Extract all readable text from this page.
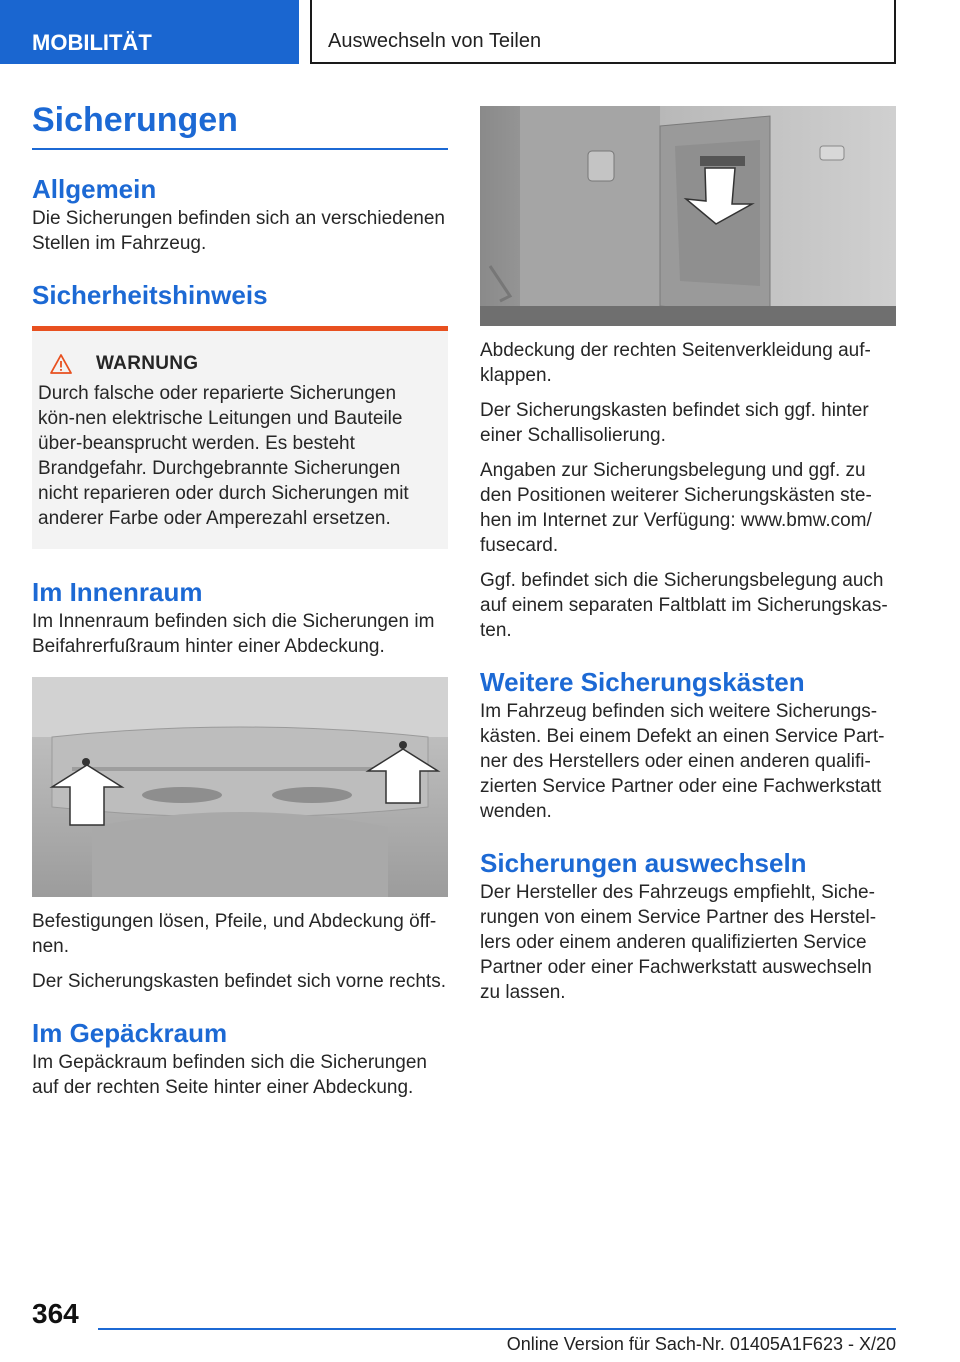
MOBILITÄT	Auswechseln von Teilen
Sicherungen
Allgemein

Die Sicherungen befinden sich an verschiedenen Stellen im Fahrzeug.

Sicherheitshinweis
WARNUNG

Durch falsche oder reparierte Sicherungen kön-nen elektrische Leitungen und Bauteile über-beansprucht werden. Es besteht Brandgefahr. Durchgebrannte Sicherungen nicht reparieren oder durch Sicherungen mit anderer Farbe oder Amperezahl ersetzen.

Im Innenraum

Im Innenraum befinden sich die Sicherungen im Beifahrerfußraum hinter einer Abdeckung.

Befestigungen lösen, Pfeile, und Abdeckung öff-nen.

Der Sicherungskasten befindet sich vorne rechts.

Im Gepäckraum

Im Gepäckraum befinden sich die Sicherungen auf der rechten Seite hinter einer Abdeckung.

Abdeckung der rechten Seitenverkleidung auf-klappen.

Der Sicherungskasten befindet sich ggf. hinter einer Schallisolierung.

Angaben zur Sicherungsbelegung und ggf. zu den Positionen weiterer Sicherungskästen ste-hen im Internet zur Verfügung: www.bmw.com/ fusecard.

Ggf. befindet sich die Sicherungsbelegung auch auf einem separaten Faltblatt im Sicherungskas-ten.

Weitere Sicherungskästen

Im Fahrzeug befinden sich weitere Sicherungs-kästen. Bei einem Defekt an einen Service Part-ner des Herstellers oder einen anderen qualifi-zierten Service Partner oder eine Fachwerkstatt wenden.

Sicherungen auswechseln

Der Hersteller des Fahrzeugs empfiehlt, Siche-rungen von einem Service Partner des Herstel-lers oder einem anderen qualifizierten Service Partner oder einer Fachwerkstatt auswechseln zu lassen.

364
Online Version für Sach-Nr. 01405A1F623 - X/20
